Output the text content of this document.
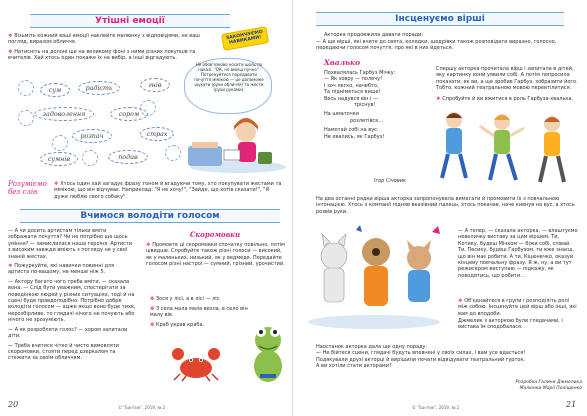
Утішні емоції
❖ Візьміть кожний ваші емоції наклейте малюнку з відповідями, не ваш погляд, виразом обличчя.
❖ Натисніть на долоні ще на великому фоні з ними різних покупців та вчителів. Хай хтось один покаже їх на вибір, а інші відгадують.
ЗАКОНЧУЄМО НАВИКАМИ!
сум	радість	гнів
задоволення	сором
розпач	страх
сумнів	подив
Не обов'язково носити шоль по наказі: "ОК, не вмієш пучно". Потренуйтеся передавати почуття мімікою — це допоможе шукати (рухи обличчя) та жести (рухи руками).
Розуміємо без слів
❖ Хтось один хай загадує фразу тоном й вгадуючи тому, хто покупувати жестами та мімікою, що він відчуває. Наприклад: "Я не хочу!", "Зайде, що хотів сказати!", "Я дуже люблю свого собаку".
Вчимося володіти голосом
— А чи досить артистам тільки вміти зображати почуття? Чи не потрібно ще щось уміння? — замислилася наша героїня. Артисти з високим завжди вміють з погляду не у свої знаній жестах.
❖ Пожуркуйте, які навички повинні для артиста по-вашому, не менше ніж 5.
— Актору багато чого треба вміти, — сказала вона. — Слід бути уважним, спостерігати за поведінкою людей у різних ситуаціях, тоді й на сцені буде правдоподібно. Потрібно добре володіти голосом — адже якщо воно буде тихе, нерозбірливе, то глядачі нічого не почують або нічого не зрозуміють.
— А як розробляти голос? — хором запитали діти.
— Треба вчитися чітко й чисто вимовляти скоромовки, стояти перед дзеркалом та стежити за своїм обличчям.
Скоромовки
❖ Промовте ці скоромовки спочатку повільно, потім швидше. Спробуйте також різні голоси — високий, як у маленьких, низький, як у ведмедя. Передайте голосом різні настрої — сумний, грізний, урочистий.
✤ Зося у лісі, а в лісі — ліс.
✤ З села мала мала везла, в село він малу вів.
✤ Краб украв краба.
20	© "Бантик", 2019, № 2
Інсценуємо вірші
Акторка продовжила давати поради:
— А ще вірші, які вчите до свята, колядки, щедрівки також розповідати виразно, голосно, передаючи голосом почуття, про які в них йдеться.
Хвалько
Похвалялась Гарбуз Мічку:
— Як зовру — полечу!
І зоч легко, начебто,
Та підніметься вище!
Весь надувся він і —
тріснув!
На шматочки
розлетівся…
Намотай собі на вус:
Не хвались, як Гарбуз!
Ігор Січовик
Спершу акторка прочитала вірш і запитала в дітей, яку картинку вони уявили собі. А потім попросила показати, як ви, а ще зробив Гарбуз, зобразити його. Тобто, кожний театральною мовою перевтілитися.
❖ Спробуйте й ви вжитися в роль Гарбуза-хвалька.
На два останні рядки вірша акторка запропонувала вимагати й промовити їх з повчальною інтонацією. Хтось з компанії підняв вказівний палець, хтось покачав, наче кивнув на вус, а хтось розвів руки.
— А тепер, — сказала акторка, — влаштуємо невеличку виставу за цим віршем. Ти, Котику, будеш Мічком — біжи собі, співай. Ти, Песику, будеш Гарбузом, ти вже знаєш, що він має робити. А ти, Кіцюнечко, оказуй кінцеву повчальну фразу. Я ж, ну, а ви тут режисером виступаю — підкажу, як поводитись, що робити…
❖ Об'єднайтеся в групи і розподіліть ролі між собою. Інсценуйте цей вірш або інші, які вам до вподоби.
Джмелик з акторкою були глядачами, і вистава їм сподобалася.
Наостанок акторка дала ще одну пораду:
— Не бійтеся сцени, глядачі будуть впевнені у своїх силах, і вам усе вдасться!
Подякували друзі акторці й вирішили почати відвідувати театральний гурток.
А ви хотіли стати акторами?
Розробка Галини Джмелика
Малюнки Марії Поліщенко
© "Бантик", 2019, № 2	21
